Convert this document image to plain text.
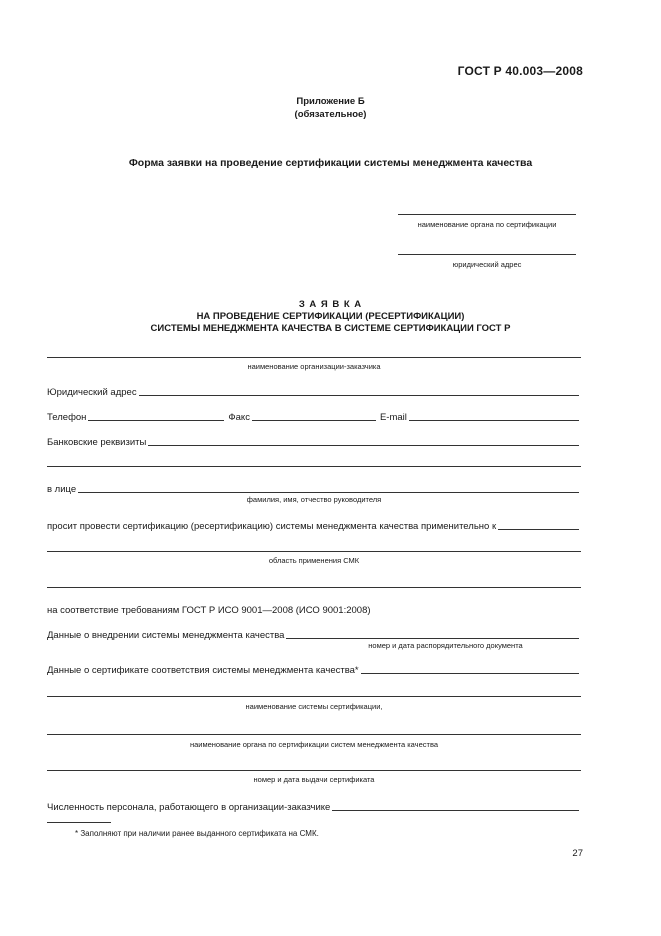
ГОСТ Р 40.003—2008
Приложение Б
(обязательное)
Форма заявки на проведение сертификации системы менеджмента качества
наименование органа по сертификации
юридический адрес
З А Я В К А
НА ПРОВЕДЕНИЕ СЕРТИФИКАЦИИ (РЕСЕРТИФИКАЦИИ)
СИСТЕМЫ МЕНЕДЖМЕНТА КАЧЕСТВА В СИСТЕМЕ СЕРТИФИКАЦИИ ГОСТ Р
наименование организации-заказчика
Юридический адрес
Телефон	Факс	E-mail
Банковские реквизиты
в лице
фамилия, имя, отчество руководителя
просит провести сертификацию (ресертификацию) системы менеджмента качества применительно к
область применения СМК
на соответствие требованиям ГОСТ Р ИСО 9001—2008 (ИСО 9001:2008)
Данные о внедрении системы менеджмента качества
номер и дата распорядительного документа
Данные о сертификате соответствия системы менеджмента качества*
наименование системы сертификации,
наименование органа по сертификации систем менеджмента качества
номер и дата выдачи сертификата
Численность персонала, работающего в организации-заказчике
* Заполняют при наличии ранее выданного сертификата на СМК.
27
